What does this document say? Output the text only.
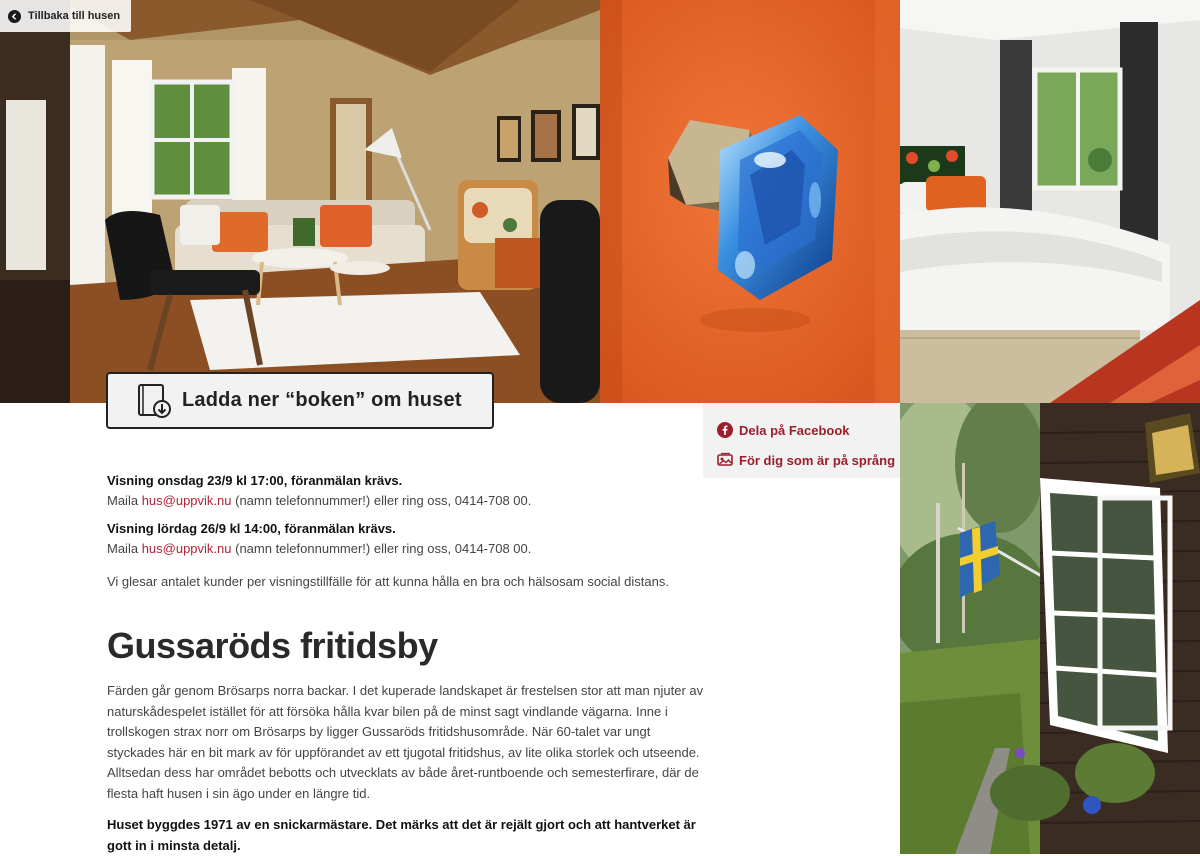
Tillbaka till husen
Ladda ner “boken” om huset
Dela på Facebook
För dig som är på språng
Visning onsdag 23/9 kl 17:00, föranmälan krävs.
Maila hus@uppvik.nu (namn telefonnummer!) eller ring oss, 0414-708 00.
Visning lördag 26/9 kl 14:00, föranmälan krävs.
Maila hus@uppvik.nu (namn telefonnummer!) eller ring oss, 0414-708 00.
Vi glesar antalet kunder per visningstillfälle för att kunna hålla en bra och hälsosam social distans.
Gussaröds fritidsby

Färden går genom Brösarps norra backar. I det kuperade landskapet är frestelsen stor att man njuter av naturskådespelet istället för att försöka hålla kvar bilen på de minst sagt vindlande vägarna. Inne i trollskogen strax norr om Brösarps by ligger Gussaröds fritidshusområde. När 60-talet var ungt styckades här en bit mark av för uppförandet av ett tjugotal fritidshus, av lite olika storlek och utseende. Alltsedan dess har området bebotts och utvecklats av både året-runtboende och semesterfirare, där de flesta haft husen i sin ägo under en längre tid.

Huset byggdes 1971 av en snickarmästare. Det märks att det är rejält gjort och att hantverket är gott in i minsta detalj.
